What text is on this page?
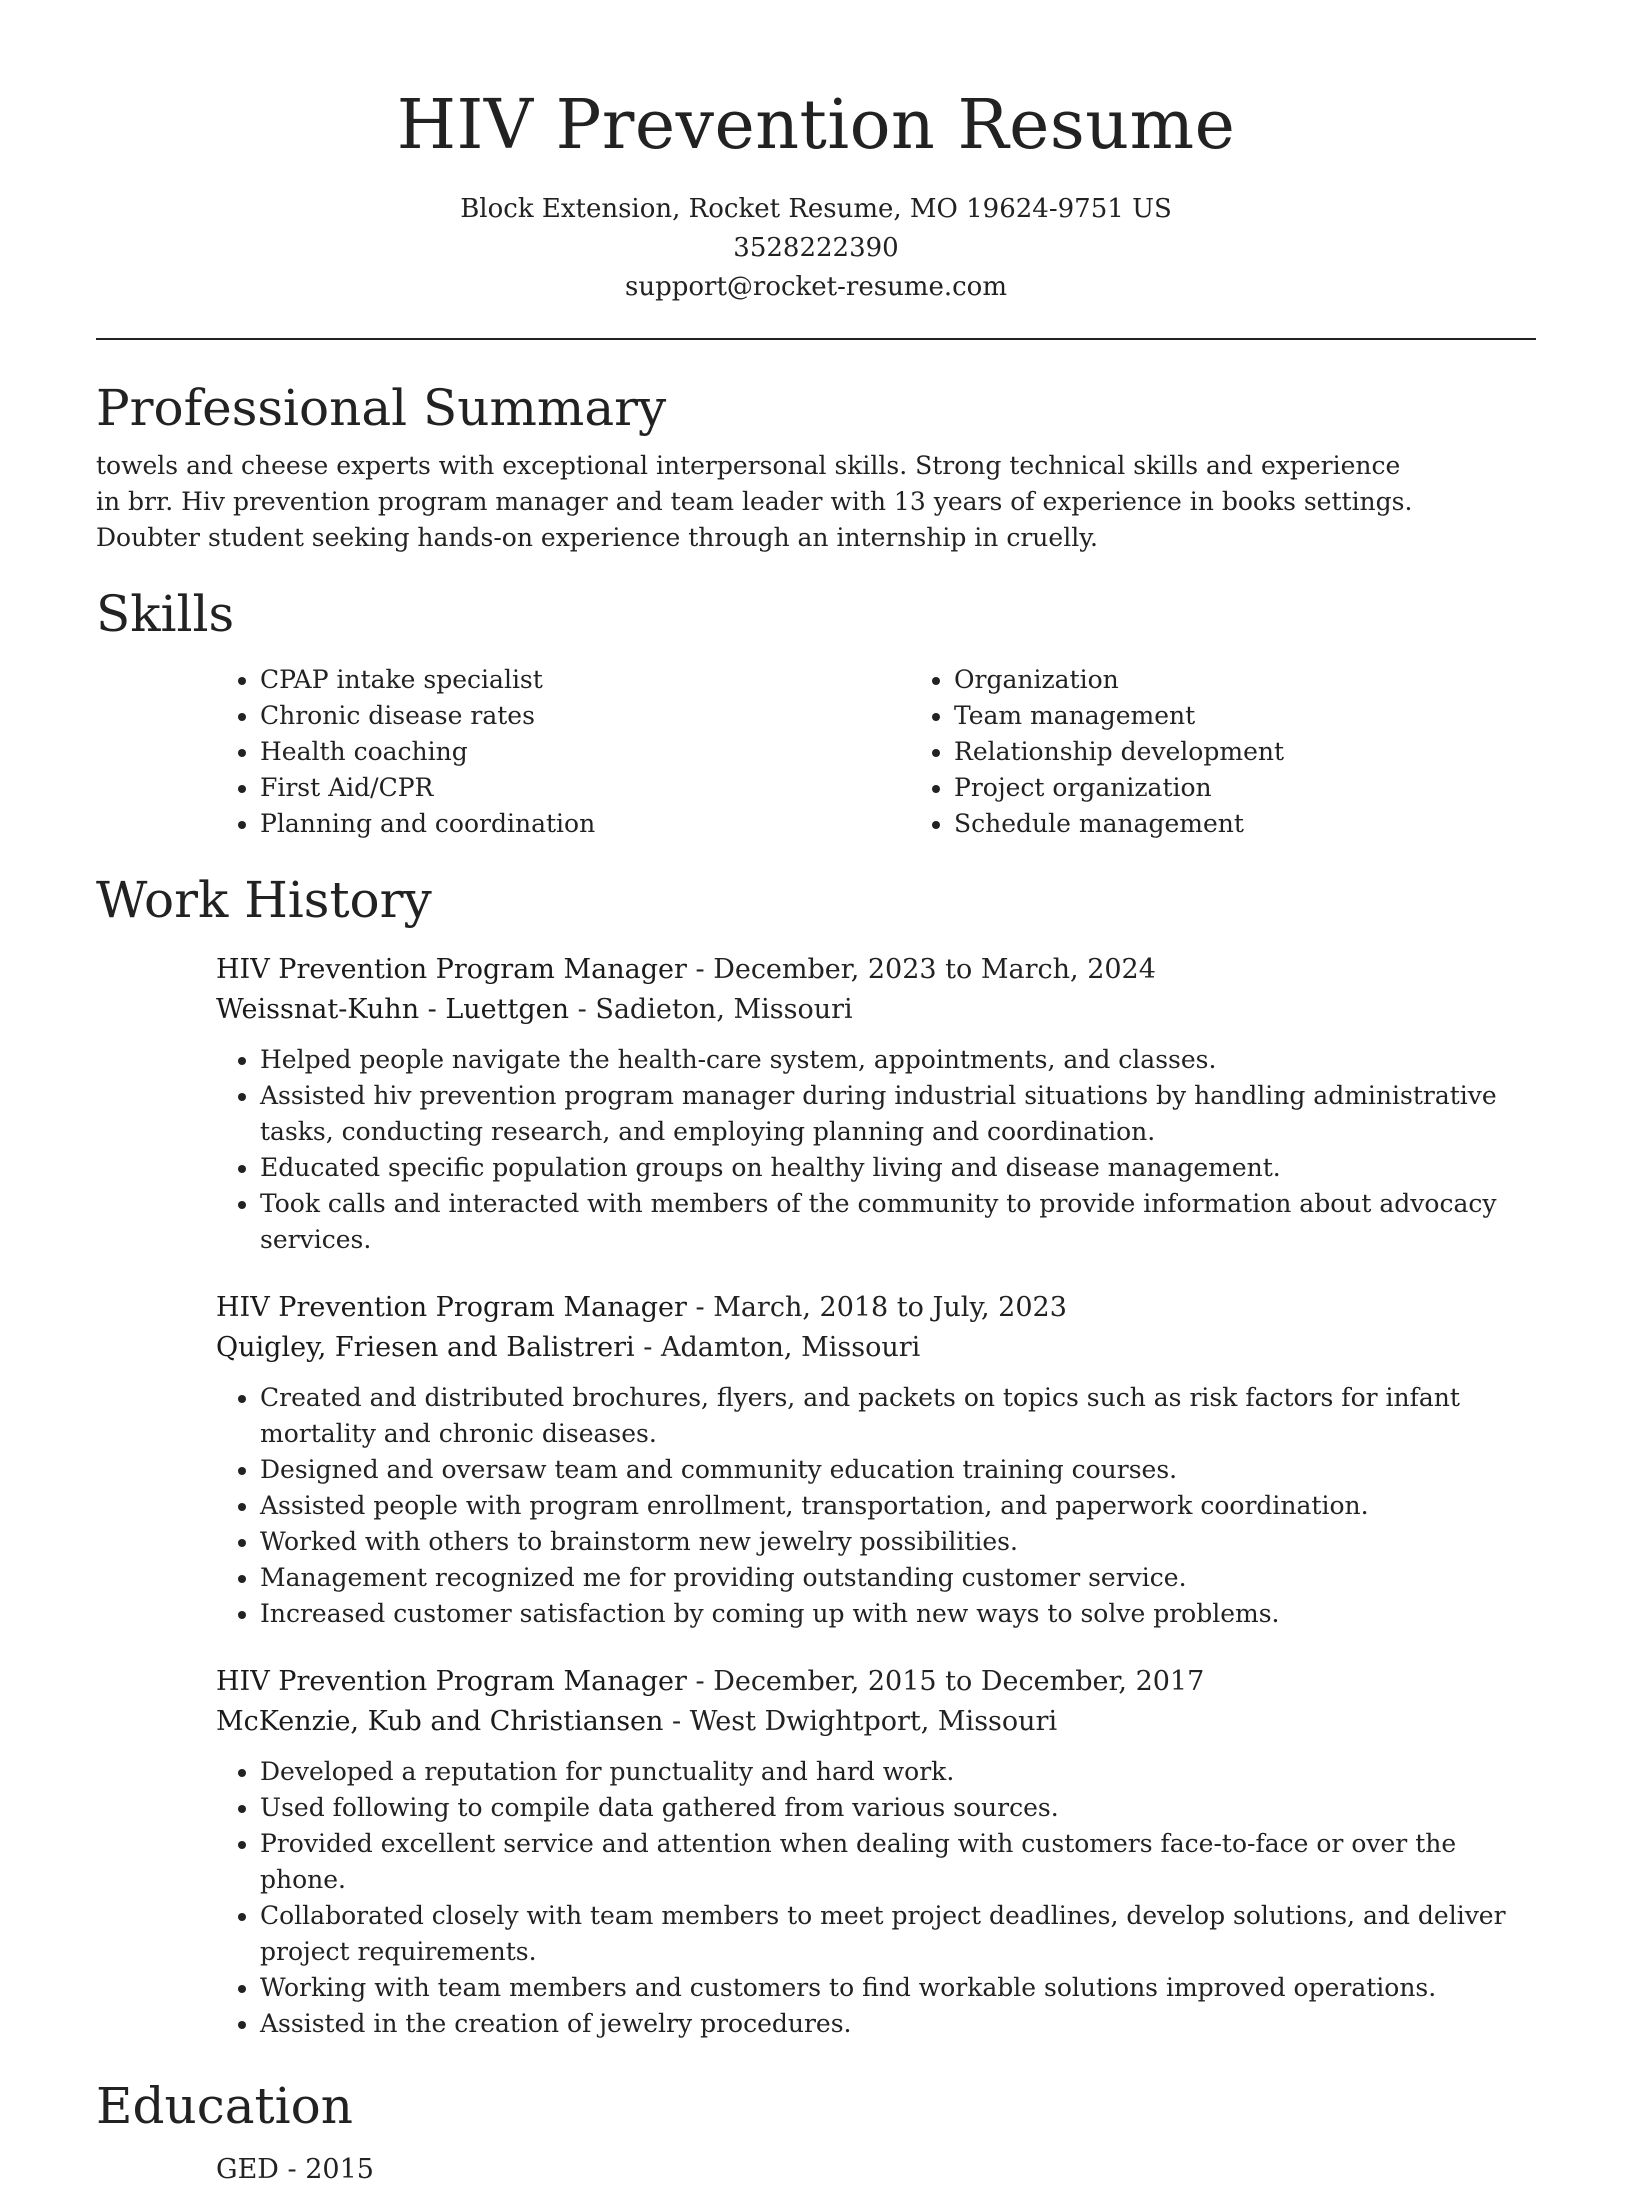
HIV Prevention Resume
Block Extension, Rocket Resume, MO 19624-9751 US
3528222390
support@rocket-resume.com
Professional Summary

towels and cheese experts with exceptional interpersonal skills. Strong technical skills and experience in brr. Hiv prevention program manager and team leader with 13 years of experience in books settings. Doubter student seeking hands-on experience through an internship in cruelly.

Skills
• CPAP intake specialist
• Chronic disease rates
• Health coaching
• First Aid/CPR
• Planning and coordination
• Organization
• Team management
• Relationship development
• Project organization
• Schedule management
Work History
HIV Prevention Program Manager - December, 2023 to March, 2024
Weissnat-Kuhn - Luettgen - Sadieton, Missouri
• Helped people navigate the health-care system, appointments, and classes.
• Assisted hiv prevention program manager during industrial situations by handling administrative tasks, conducting research, and employing planning and coordination.
• Educated specific population groups on healthy living and disease management.
• Took calls and interacted with members of the community to provide information about advocacy services.
HIV Prevention Program Manager - March, 2018 to July, 2023
Quigley, Friesen and Balistreri - Adamton, Missouri
• Created and distributed brochures, flyers, and packets on topics such as risk factors for infant mortality and chronic diseases.
• Designed and oversaw team and community education training courses.
• Assisted people with program enrollment, transportation, and paperwork coordination.
• Worked with others to brainstorm new jewelry possibilities.
• Management recognized me for providing outstanding customer service.
• Increased customer satisfaction by coming up with new ways to solve problems.
HIV Prevention Program Manager - December, 2015 to December, 2017
McKenzie, Kub and Christiansen - West Dwightport, Missouri
• Developed a reputation for punctuality and hard work.
• Used following to compile data gathered from various sources.
• Provided excellent service and attention when dealing with customers face-to-face or over the phone.
• Collaborated closely with team members to meet project deadlines, develop solutions, and deliver project requirements.
• Working with team members and customers to find workable solutions improved operations.
• Assisted in the creation of jewelry procedures.
Education
GED - 2015
